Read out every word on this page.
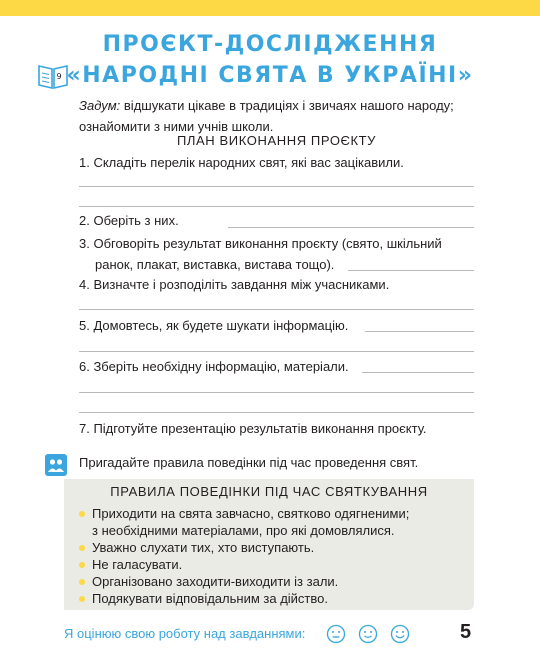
ПРОЄКТ-ДОСЛІДЖЕННЯ
«НАРОДНІ СВЯТА В УКРАЇНІ»
9
Задум: відшукати цікаве в традиціях і звичаях нашого народу;
ознайомити з ними учнів школи.
ПЛАН ВИКОНАННЯ ПРОЄКТУ
1. Складіть перелік народних свят, які вас зацікавили.
2. Оберіть з них.
3. Обговоріть результат виконання проєкту (свято, шкільний
ранок, плакат, виставка, вистава тощо).
4. Визначте і розподіліть завдання між учасниками.
5. Домовтесь, як будете шукати інформацію.
6. Зберіть необхідну інформацію, матеріали.
7. Підготуйте презентацію результатів виконання проєкту.
Пригадайте правила поведінки під час проведення свят.
ПРАВИЛА ПОВЕДІНКИ ПІД ЧАС СВЯТКУВАННЯ
Приходити на свята завчасно, святково одягненими;
з необхідними матеріалами, про які домовлялися.
Уважно слухати тих, хто виступають.
Не галасувати.
Організовано заходити-виходити із зали.
Подякувати відповідальним за дійство.
Я оцінюю свою роботу над завданнями:	5
